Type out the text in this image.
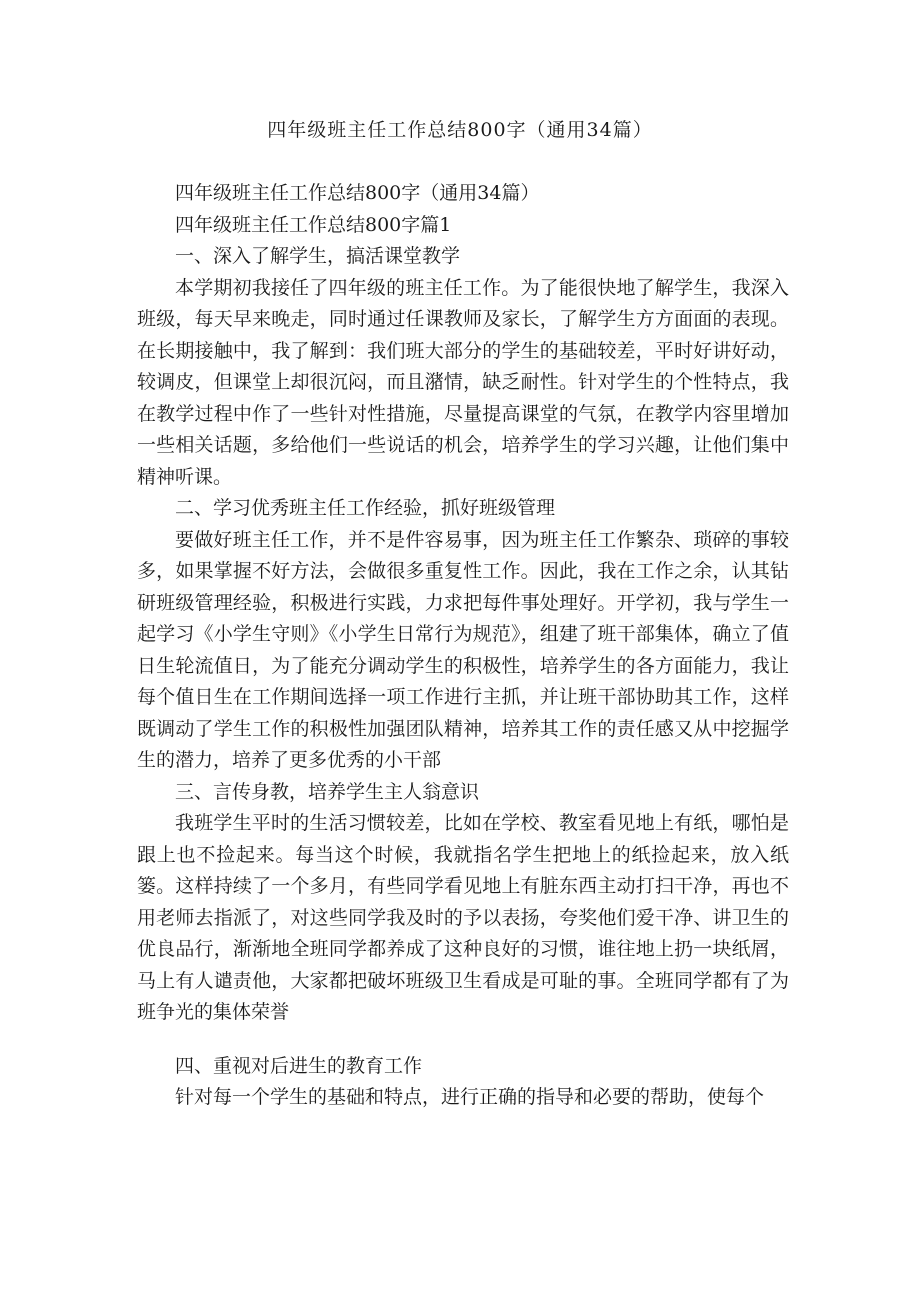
四年级班主任工作总结800字（通用34篇）

四年级班主任工作总结800字（通用34篇）

四年级班主任工作总结800字篇1

一、深入了解学生，搞活课堂教学

本学期初我接任了四年级的班主任工作。为了能很快地了解学生，我深入班级，每天早来晚走，同时通过任课教师及家长，了解学生方方面面的表现。在长期接触中，我了解到：我们班大部分的学生的基础较差，平时好讲好动，较调皮，但课堂上却很沉闷，而且潴情，缺乏耐性。针对学生的个性特点，我在教学过程中作了一些针对性措施，尽量提高课堂的气氛，在教学内容里增加一些相关话题，多给他们一些说话的机会，培养学生的学习兴趣，让他们集中精神听课。

二、学习优秀班主任工作经验，抓好班级管理

要做好班主任工作，并不是件容易事，因为班主任工作繁杂、琐碎的事较多，如果掌握不好方法，会做很多重复性工作。因此，我在工作之余，认其钻研班级管理经验，积极进行实践，力求把每件事处理好。开学初，我与学生一起学习《小学生守则》《小学生日常行为规范》，组建了班干部集体，确立了值日生轮流值日，为了能充分调动学生的积极性，培养学生的各方面能力，我让每个值日生在工作期间选择一项工作进行主抓，并让班干部协助其工作，这样既调动了学生工作的积极性加强团队精神，培养其工作的责任感又从中挖掘学生的潜力，培养了更多优秀的小干部

三、言传身教，培养学生主人翁意识

我班学生平时的生活习惯较差，比如在学校、教室看见地上有纸，哪怕是跟上也不捡起来。每当这个时候，我就指名学生把地上的纸捡起来，放入纸篓。这样持续了一个多月，有些同学看见地上有脏东西主动打扫干净，再也不用老师去指派了，对这些同学我及时的予以表扬，夸奖他们爱干净、讲卫生的优良品行，渐渐地全班同学都养成了这种良好的习惯，谁往地上扔一块纸屑，马上有人谴责他，大家都把破坏班级卫生看成是可耻的事。全班同学都有了为班争光的集体荣誉

四、重视对后进生的教育工作

针对每一个学生的基础和特点，进行正确的指导和必要的帮助，使每个
